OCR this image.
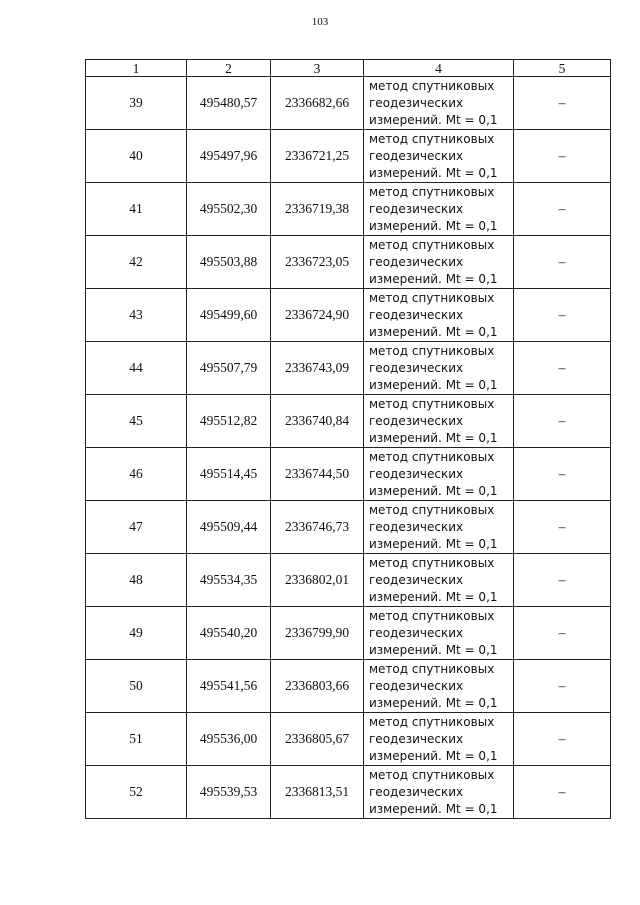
103
1	2	3	4	5
39	495480,57	2336682,66	метод спутниковых
геодезических
измерений. Mt = 0,1	–
40	495497,96	2336721,25	метод спутниковых
геодезических
измерений. Mt = 0,1	–
41	495502,30	2336719,38	метод спутниковых
геодезических
измерений. Mt = 0,1	–
42	495503,88	2336723,05	метод спутниковых
геодезических
измерений. Mt = 0,1	–
43	495499,60	2336724,90	метод спутниковых
геодезических
измерений. Mt = 0,1	–
44	495507,79	2336743,09	метод спутниковых
геодезических
измерений. Mt = 0,1	–
45	495512,82	2336740,84	метод спутниковых
геодезических
измерений. Mt = 0,1	–
46	495514,45	2336744,50	метод спутниковых
геодезических
измерений. Mt = 0,1	–
47	495509,44	2336746,73	метод спутниковых
геодезических
измерений. Mt = 0,1	–
48	495534,35	2336802,01	метод спутниковых
геодезических
измерений. Mt = 0,1	–
49	495540,20	2336799,90	метод спутниковых
геодезических
измерений. Mt = 0,1	–
50	495541,56	2336803,66	метод спутниковых
геодезических
измерений. Mt = 0,1	–
51	495536,00	2336805,67	метод спутниковых
геодезических
измерений. Mt = 0,1	–
52	495539,53	2336813,51	метод спутниковых
геодезических
измерений. Mt = 0,1	–
